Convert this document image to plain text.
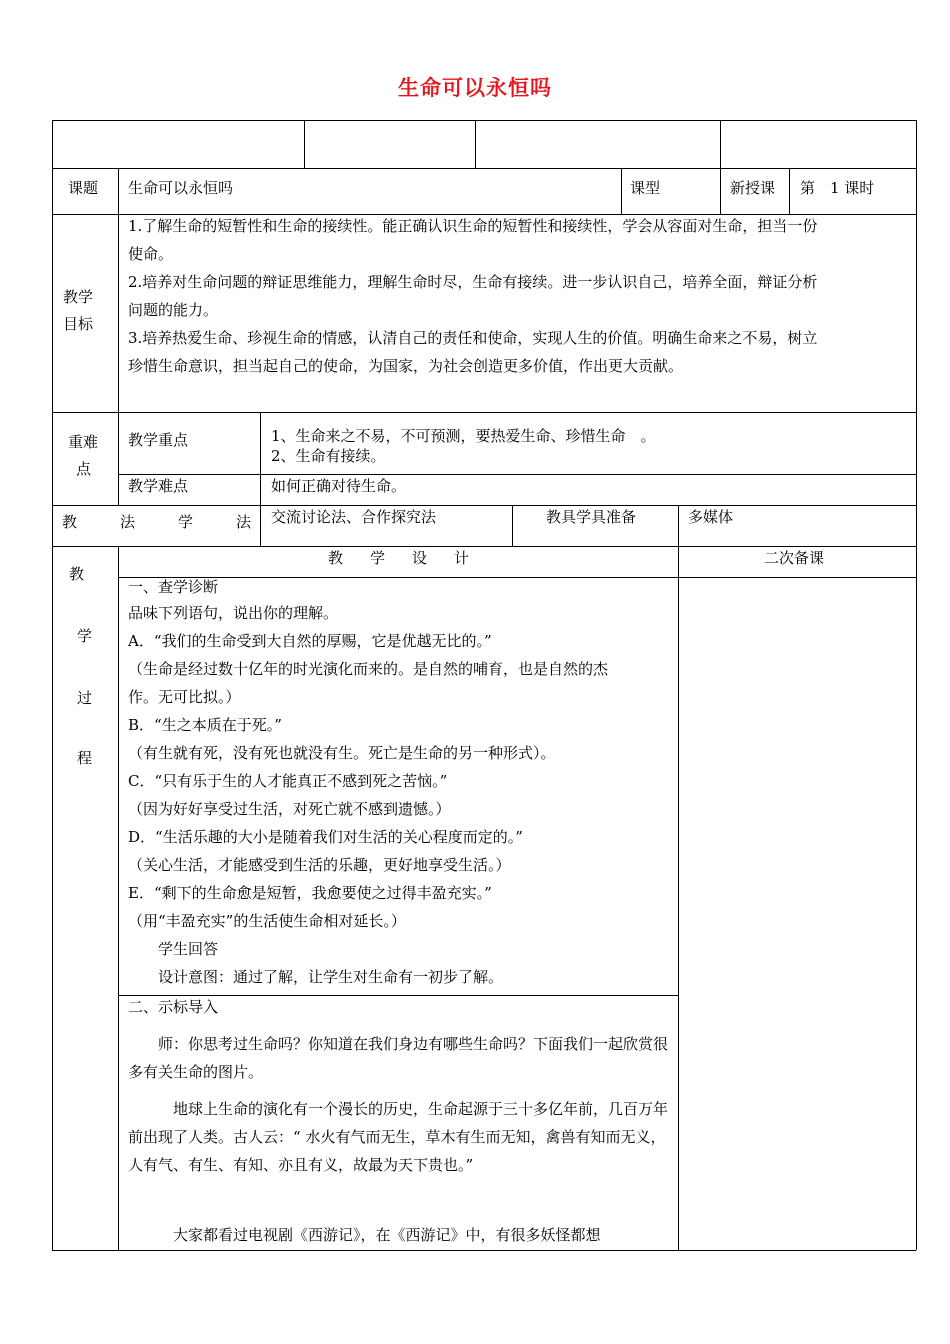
生命可以永恒吗
课题 生命可以永恒吗	课型	新授课 第　1 课时
教学
目标
1.了解生命的短暂性和生命的接续性。能正确认识生命的短暂性和接续性，学会从容面对生命，担当一份
使命。
2.培养对生命问题的辩证思维能力，理解生命时尽，生命有接续。进一步认识自己，培养全面，辩证分析
问题的能力。
3.培养热爱生命、珍视生命的情感，认清自己的责任和使命，实现人生的价值。明确生命来之不易，树立
珍惜生命意识，担当起自己的使命，为国家，为社会创造更多价值，作出更大贡献。
重难
点
教学重点	1、生命来之不易，不可预测，要热爱生命、珍惜生命　。
2、生命有接续。
教学难点	如何正确对待生命。
教	法	学	法 交流讨论法、合作探究法	教具学具准备	多媒体
教
学
过
程
教 学 设 计	二次备课
一、查学诊断
品味下列语句，说出你的理解。
A．“我们的生命受到大自然的厚赐，它是优越无比的。”
（生命是经过数十亿年的时光演化而来的。是自然的哺育，也是自然的杰
作。无可比拟。）
B．“生之本质在于死。”
（有生就有死，没有死也就没有生。死亡是生命的另一种形式）。
C．“只有乐于生的人才能真正不感到死之苦恼。”
（因为好好享受过生活，对死亡就不感到遗憾。）
D．“生活乐趣的大小是随着我们对生活的关心程度而定的。”
（关心生活，才能感受到生活的乐趣，更好地享受生活。）
E．“剩下的生命愈是短暂，我愈要使之过得丰盈充实。”
（用“丰盈充实”的生活使生命相对延长。）
　　学生回答
　　设计意图：通过了解，让学生对生命有一初步了解。
二、示标导入
　　师：你思考过生命吗？你知道在我们身边有哪些生命吗？下面我们一起欣赏很多有关生命的图片。
　　　地球上生命的演化有一个漫长的历史，生命起源于三十多亿年前，几百万年前出现了人类。古人云：“ 水火有气而无生，草木有生而无知，禽兽有知而无义，人有气、有生、有知、亦且有义，故最为天下贵也。”
　　　大家都看过电视剧《西游记》，在《西游记》中，有很多妖怪都想
